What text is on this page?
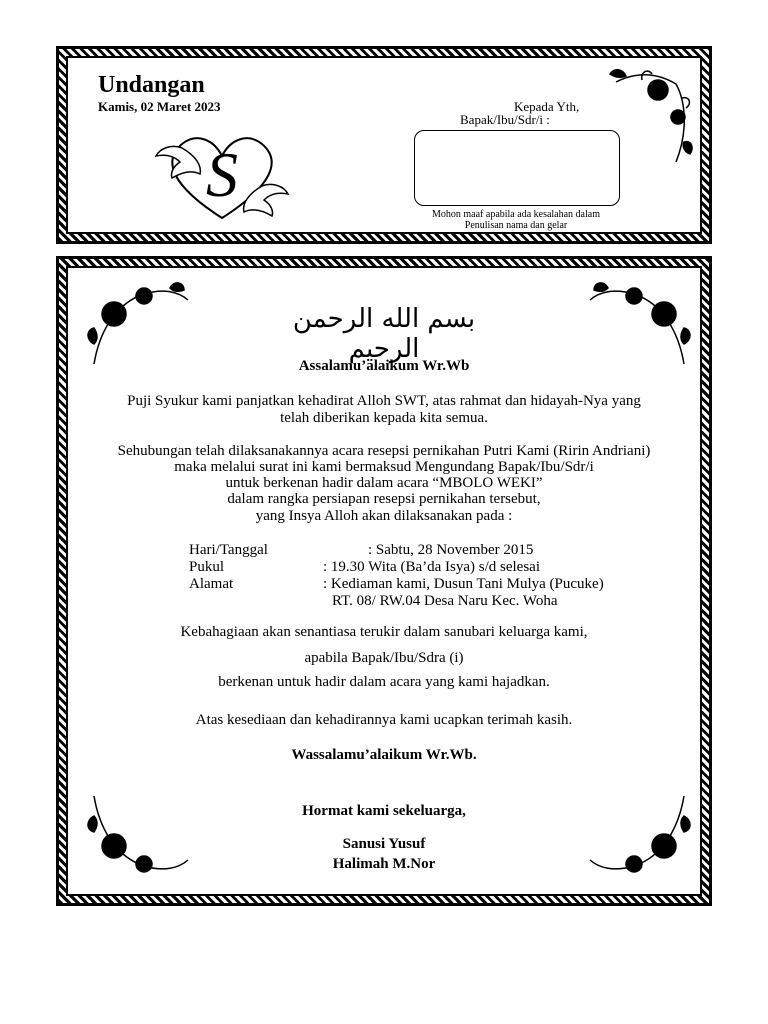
Undangan
Kamis, 02 Maret 2023	Kepada Yth,
Bapak/Ibu/Sdr/i :
Mohon maaf apabila ada kesalahan dalam
Penulisan nama dan gelar
S
بسم الله الرحمن الرحيم
Assalamu’alaikum Wr.Wb
Puji Syukur kami panjatkan kehadirat Alloh SWT, atas rahmat dan hidayah-Nya yang
telah diberikan kepada kita semua.
Sehubungan telah dilaksanakannya acara resepsi pernikahan Putri Kami (Ririn Andriani)
maka melalui surat ini kami bermaksud Mengundang Bapak/Ibu/Sdr/i
untuk berkenan hadir dalam acara “MBOLO WEKI”
dalam rangka persiapan resepsi pernikahan tersebut,
yang Insya Alloh akan dilaksanakan pada :
Hari/Tanggal	: Sabtu, 28 November 2015
Pukul	: 19.30 Wita (Ba’da Isya) s/d selesai
Alamat	: Kediaman kami, Dusun Tani Mulya (Pucuke)
RT. 08/ RW.04 Desa Naru Kec. Woha
Kebahagiaan akan senantiasa terukir dalam sanubari keluarga kami,
apabila Bapak/Ibu/Sdra (i)
berkenan untuk hadir dalam acara yang kami hajadkan.
Atas kesediaan dan kehadirannya kami ucapkan terimah kasih.
Wassalamu’alaikum Wr.Wb.
Hormat kami sekeluarga,
Sanusi Yusuf
Halimah M.Nor
